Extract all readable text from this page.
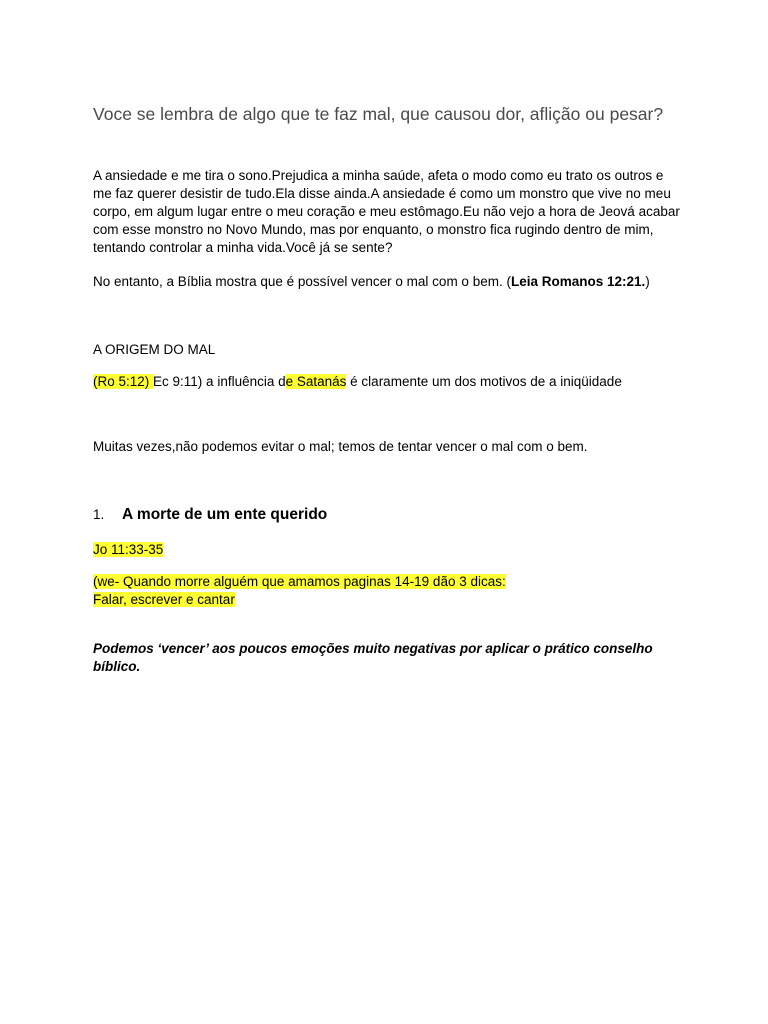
Voce se lembra de algo que te faz mal, que causou dor, aflição ou pesar?

A ansiedade e me tira o sono.Prejudica a minha saúde, afeta o modo como eu trato os outros e me faz querer desistir de tudo.Ela disse ainda.A ansiedade é como um monstro que vive no meu corpo, em algum lugar entre o meu coração e meu estômago.Eu não vejo a hora de Jeová acabar com esse monstro no Novo Mundo, mas por enquanto, o monstro fica rugindo dentro de mim, tentando controlar a minha vida.Você já se sente?

No entanto, a Bíblia mostra que é possível vencer o mal com o bem. (Leia Romanos 12:21.)

A ORIGEM DO MAL

(Ro 5:12) Ec 9:11) a influência de Satanás é claramente um dos motivos de a iniqüidade

Muitas vezes,não podemos evitar o mal; temos de tentar vencer o mal com o bem.

1. A morte de um ente querido

Jo 11:33-35

(we- Quando morre alguém que amamos paginas 14-19 dão 3 dicas:
Falar, escrever e cantar

Podemos ‘vencer’ aos poucos emoções muito negativas por aplicar o prático conselho bíblico.
